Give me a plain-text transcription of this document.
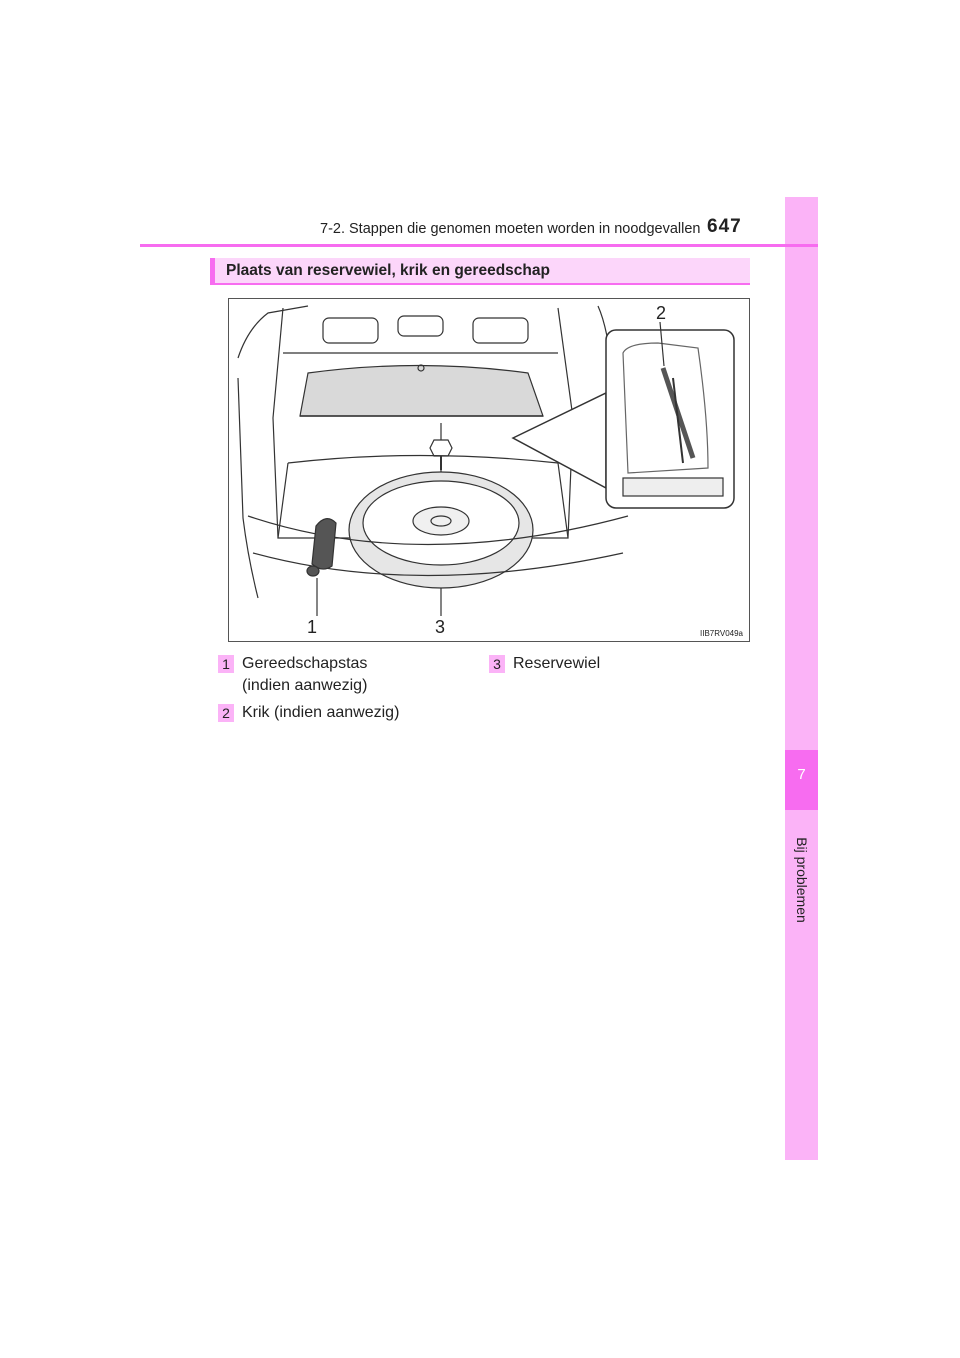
7
Bij problemen
7-2. Stappen die genomen moeten worden in noodgevallen 647
Plaats van reservewiel, krik en gereedschap
1
2
3	IIB7RV049a
1 Gereedschapstas
(indien aanwezig)
2 Krik (indien aanwezig)
3 Reservewiel
